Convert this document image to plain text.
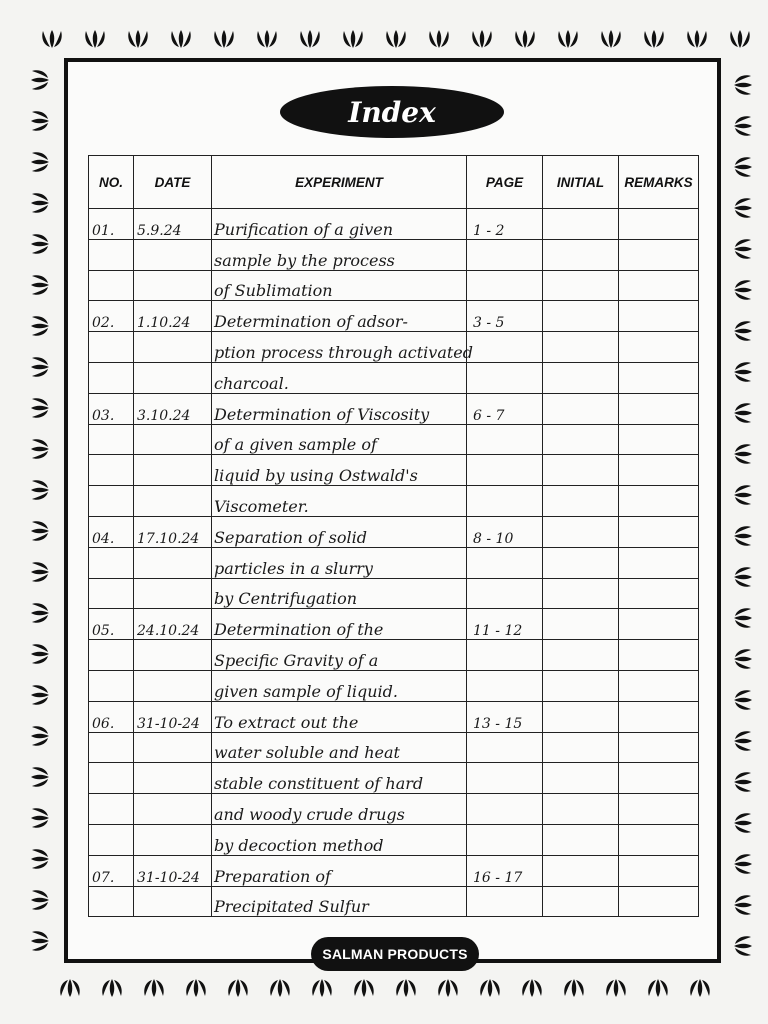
Index
NO.	DATE	EXPERIMENT	PAGE	INITIAL	REMARKS
01.	5.9.24	Purification of a given	1 - 2		
		sample by the process			
		of Sublimation			
02.	1.10.24	Determination of adsor-	3 - 5		
		ption process through activated			
		charcoal.			
03.	3.10.24	Determination of Viscosity	6 - 7		
		of a given sample of			
		liquid by using Ostwald's			
		Viscometer.			
04.	17.10.24	Separation of solid	8 - 10		
		particles in a slurry			
		by Centrifugation			
05.	24.10.24	Determination of the	11 - 12		
		Specific Gravity of a			
		given sample of liquid.			
06.	31-10-24	To extract out the	13 - 15		
		water soluble and heat			
		stable constituent of hard			
		and woody crude drugs			
		by decoction method			
07.	31-10-24	Preparation of	16 - 17		
		Precipitated Sulfur			
SALMAN PRODUCTS
